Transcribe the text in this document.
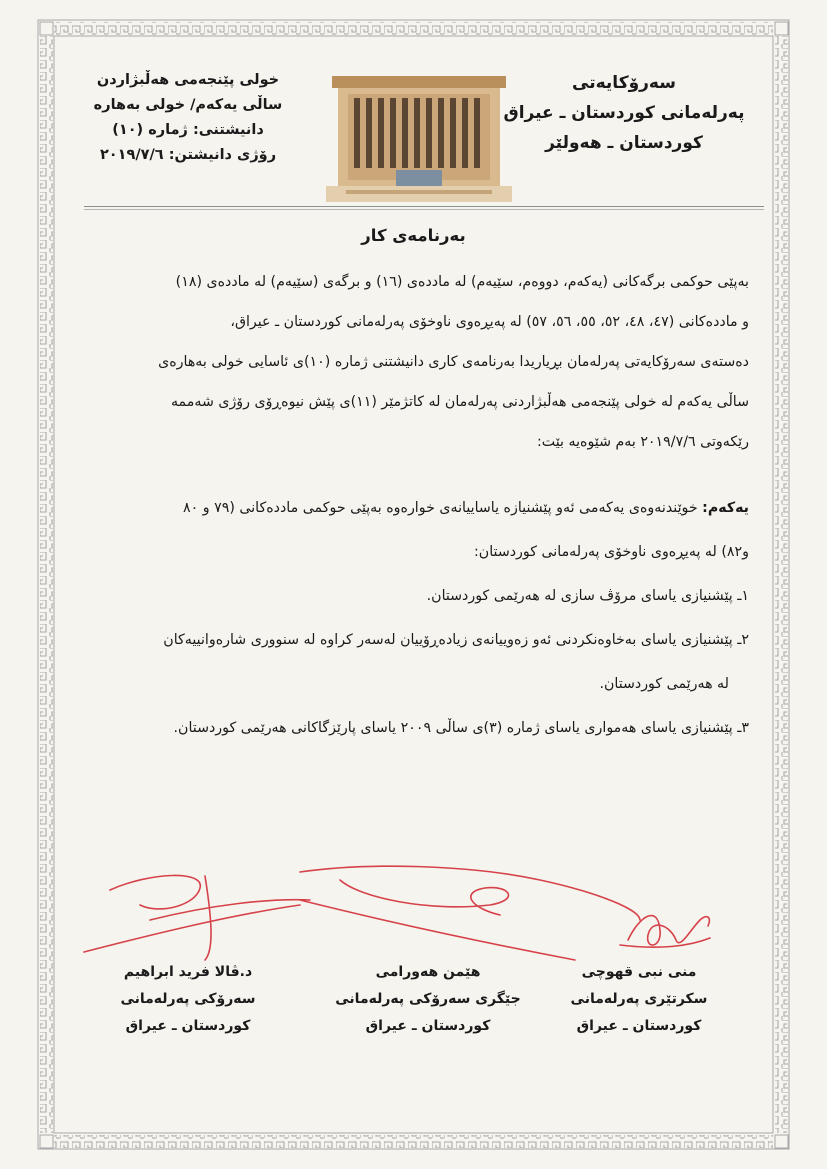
سەرۆکایەتی
پەرلەمانی کوردستان ـ عیراق
کوردستان ـ هەولێر
خولی پێنجەمی هەڵبژاردن
ساڵی یەکەم/ خولی بەهارە
دانیشتنی: ژمارە (١٠)
رۆژی دانیشتن: ٢٠١٩/٧/٦
بەرنامەی کار
بەپێی حوکمی برگەکانی (یەکەم، دووەم، سێیەم) لە ماددەی (١٦) و برگەی (سێیەم) لە ماددەی (١٨)
و ماددەکانی (٤٧، ٤٨، ٥٢، ٥٥، ٥٦، ٥٧) لە پەیڕەوی ناوخۆی پەرلەمانی کوردستان ـ عیراق،
دەستەی سەرۆکایەتی پەرلەمان بڕیاریدا بەرنامەی کاری دانیشتنی ژمارە (١٠)ی ئاسایی خولی بەهارەی
ساڵی یەکەم لە خولی پێنجەمی هەڵبژاردنی پەرلەمان لە کاتژمێر (١١)ی پێش نیوەڕۆی رۆژی شەممە
رێکەوتی ٢٠١٩/٧/٦ بەم شێوەیە بێت:
یەکەم: خوێندنەوەی یەکەمی ئەو پێشنیازە یاساییانەی خوارەوە بەپێی حوکمی ماددەکانی (٧٩ و ٨٠
و٨٢) لە پەیڕەوی ناوخۆی پەرلەمانی کوردستان:
١ـ پێشنیازی یاسای مرۆڤ سازی لە هەرێمی کوردستان.
٢ـ پێشنیازی یاسای بەخاوەنکردنی ئەو زەوییانەی زیادەڕۆییان لەسەر کراوە لە سنووری شارەوانییەکان
لە هەرێمی کوردستان.
٣ـ پێشنیازی یاسای هەمواری یاسای ژمارە (٣)ی ساڵی ٢٠٠٩ یاسای پارێزگاکانی هەرێمی کوردستان.
منی نبی قهوچی
سکرتێری پەرلەمانی
کوردستان ـ عیراق
هێمن هەورامی
جێگری سەرۆکی پەرلەمانی
کوردستان ـ عیراق
د.ڤالا فرید ابراهیم
سەرۆکی پەرلەمانی
کوردستان ـ عیراق
